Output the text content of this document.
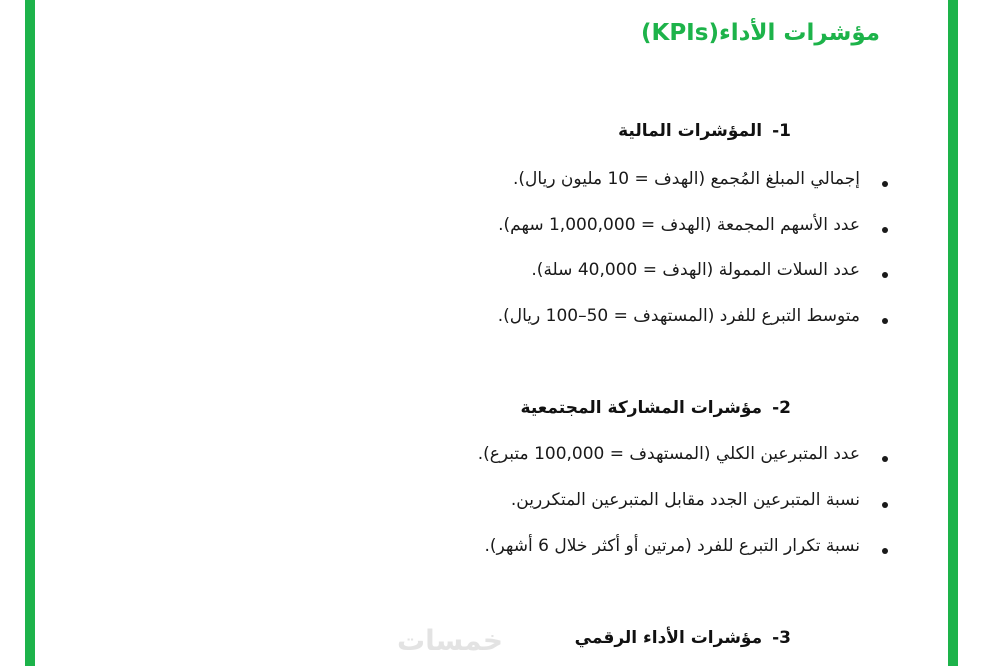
مؤشرات الأداء(KPIs)
1-المؤشرات المالية
إجمالي المبلغ المُجمع (الهدف = 10 مليون ريال).
عدد الأسهم المجمعة (الهدف = 1,000,000 سهم).
عدد السلات الممولة (الهدف = 40,000 سلة).
متوسط التبرع للفرد (المستهدف = 50–100 ريال).
2-مؤشرات المشاركة المجتمعية
عدد المتبرعين الكلي (المستهدف = 100,000 متبرع).
نسبة المتبرعين الجدد مقابل المتبرعين المتكررين.
نسبة تكرار التبرع للفرد (مرتين أو أكثر خلال 6 أشهر).
3-مؤشرات الأداء الرقمي
خمسات
